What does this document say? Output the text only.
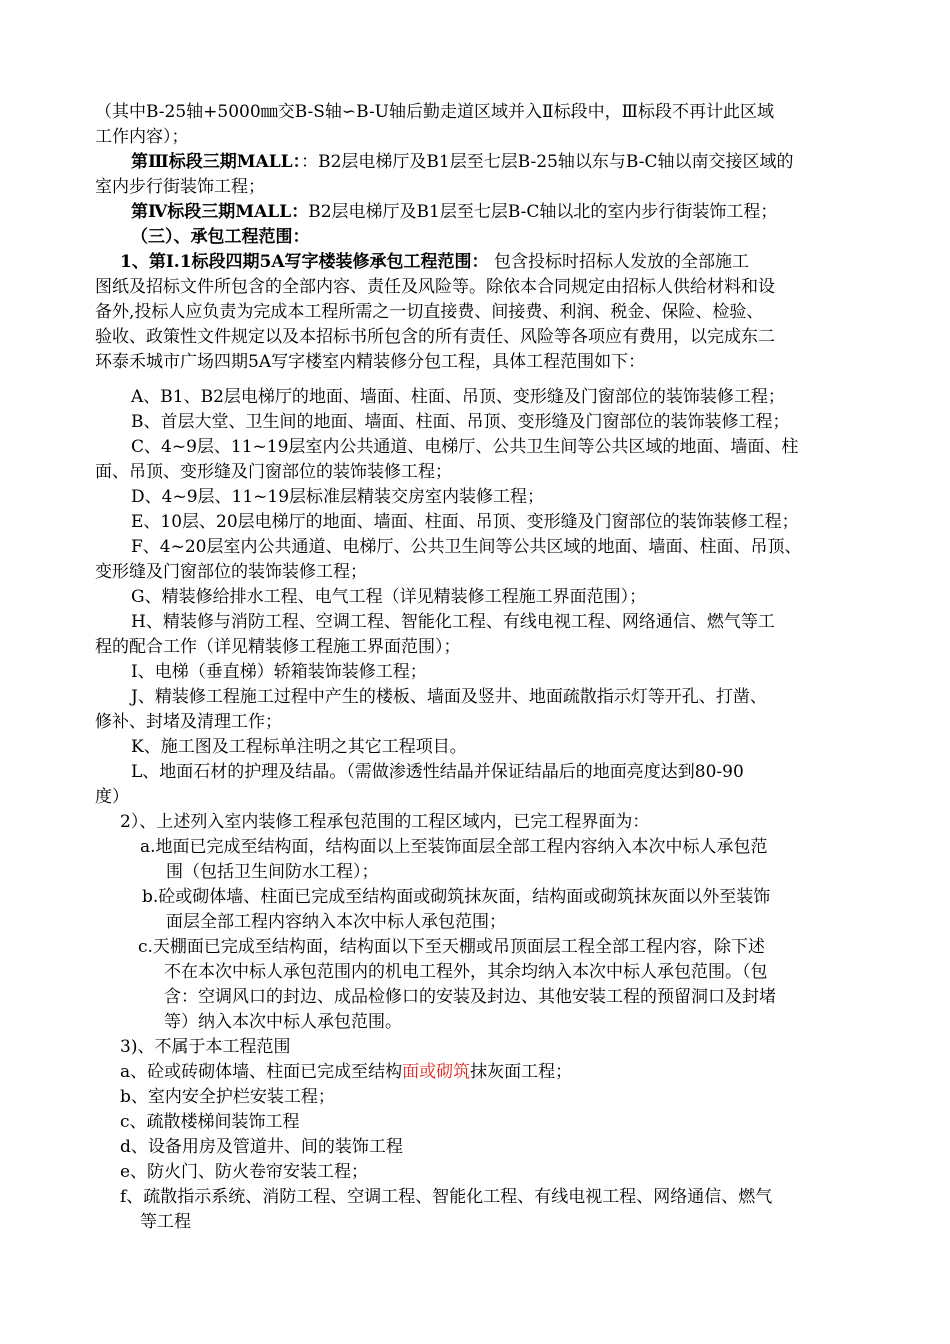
（其中B-25轴+5000㎜交B-S轴∽B-U轴后勤走道区域并入Ⅱ标段中，Ⅲ标段不再计此区域
工作内容）；
第Ⅲ标段三期MALL：：B2层电梯厅及B1层至七层B-25轴以东与B-C轴以南交接区域的
室内步行街装饰工程；
第Ⅳ标段三期MALL：B2层电梯厅及B1层至七层B-C轴以北的室内步行街装饰工程；
（三）、承包工程范围：
1、第Ⅰ.1标段四期5A写字楼装修承包工程范围： 包含投标时招标人发放的全部施工
图纸及招标文件所包含的全部内容、责任及风险等。除依本合同规定由招标人供给材料和设
备外,投标人应负责为完成本工程所需之一切直接费、间接费、利润、税金、保险、检验、
验收、政策性文件规定以及本招标书所包含的所有责任、风险等各项应有费用，以完成东二
环泰禾城市广场四期5A写字楼室内精装修分包工程，具体工程范围如下：
A、B1、B2层电梯厅的地面、墙面、柱面、吊顶、变形缝及门窗部位的装饰装修工程；
B、首层大堂、卫生间的地面、墙面、柱面、吊顶、变形缝及门窗部位的装饰装修工程；
C、4~9层、11~19层室内公共通道、电梯厅、公共卫生间等公共区域的地面、墙面、柱
面、吊顶、变形缝及门窗部位的装饰装修工程；
D、4~9层、11~19层标准层精装交房室内装修工程；
E、10层、20层电梯厅的地面、墙面、柱面、吊顶、变形缝及门窗部位的装饰装修工程；
F、4~20层室内公共通道、电梯厅、公共卫生间等公共区域的地面、墙面、柱面、吊顶、
变形缝及门窗部位的装饰装修工程；
G、精装修给排水工程、电气工程（详见精装修工程施工界面范围）；
H、精装修与消防工程、空调工程、智能化工程、有线电视工程、网络通信、燃气等工
程的配合工作（详见精装修工程施工界面范围）；
I、电梯（垂直梯）轿箱装饰装修工程；
J、精装修工程施工过程中产生的楼板、墙面及竖井、地面疏散指示灯等开孔、打凿、
修补、封堵及清理工作；
K、施工图及工程标单注明之其它工程项目。
L、地面石材的护理及结晶。（需做渗透性结晶并保证结晶后的地面亮度达到80-90
度）
2）、上述列入室内装修工程承包范围的工程区域内，已完工程界面为：
a.地面已完成至结构面，结构面以上至装饰面层全部工程内容纳入本次中标人承包范
围（包括卫生间防水工程）；
b.砼或砌体墙、柱面已完成至结构面或砌筑抹灰面，结构面或砌筑抹灰面以外至装饰
面层全部工程内容纳入本次中标人承包范围；
c.天棚面已完成至结构面，结构面以下至天棚或吊顶面层工程全部工程内容，除下述
不在本次中标人承包范围内的机电工程外，其余均纳入本次中标人承包范围。（包
含：空调风口的封边、成品检修口的安装及封边、其他安装工程的预留洞口及封堵
等）纳入本次中标人承包范围。
3)、不属于本工程范围
a、砼或砖砌体墙、柱面已完成至结构面或砌筑抹灰面工程；
b、室内安全护栏安装工程；
c、疏散楼梯间装饰工程
d、设备用房及管道井、间的装饰工程
e、防火门、防火卷帘安装工程；
f、疏散指示系统、消防工程、空调工程、智能化工程、有线电视工程、网络通信、燃气
等工程
